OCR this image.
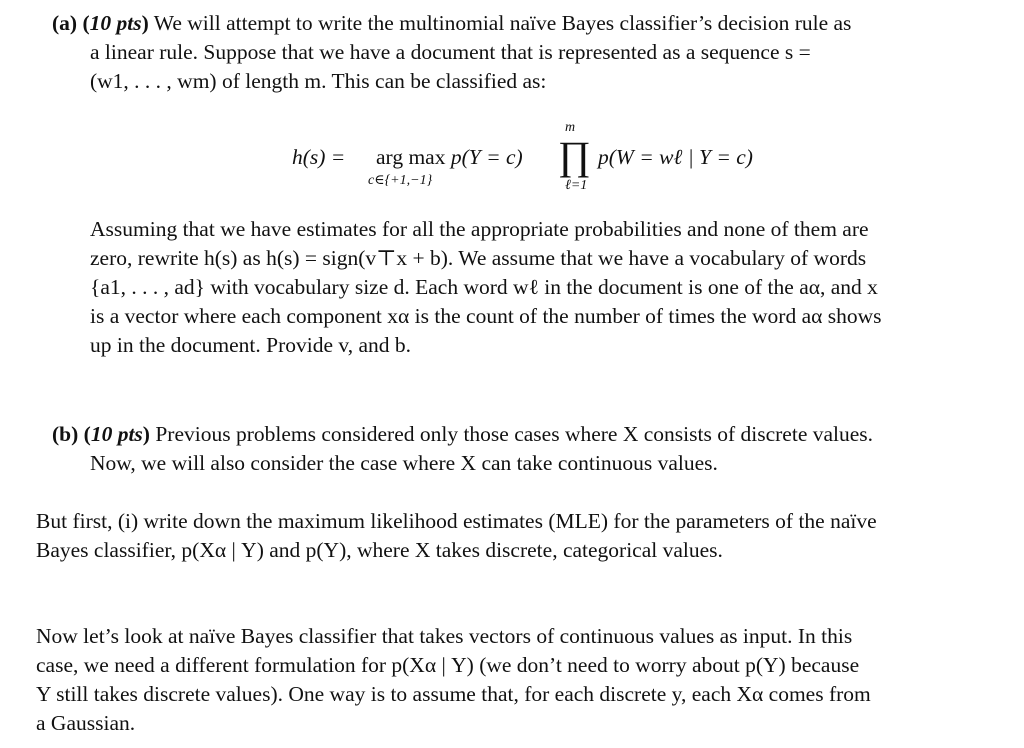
(a) (10 pts) We will attempt to write the multinomial naïve Bayes classifier’s decision rule as
a linear rule. Suppose that we have a document that is represented as a sequence s =
(w1, . . . , wm) of length m. This can be classified as:
h(s) = arg max p(Y = c)
c∈{+1,−1}
m
∏
ℓ=1
p(W = wℓ | Y = c)
Assuming that we have estimates for all the appropriate probabilities and none of them are
zero, rewrite h(s) as h(s) = sign(v⊤x + b). We assume that we have a vocabulary of words
{a1, . . . , ad} with vocabulary size d. Each word wℓ in the document is one of the aα, and x
is a vector where each component xα is the count of the number of times the word aα shows
up in the document. Provide v, and b.
(b) (10 pts) Previous problems considered only those cases where X consists of discrete values.
Now, we will also consider the case where X can take continuous values.
But first, (i) write down the maximum likelihood estimates (MLE) for the parameters of the naïve
Bayes classifier, p(Xα | Y) and p(Y), where X takes discrete, categorical values.
Now let’s look at naïve Bayes classifier that takes vectors of continuous values as input. In this
case, we need a different formulation for p(Xα | Y) (we don’t need to worry about p(Y) because
Y still takes discrete values). One way is to assume that, for each discrete y, each Xα comes from
a Gaussian.
